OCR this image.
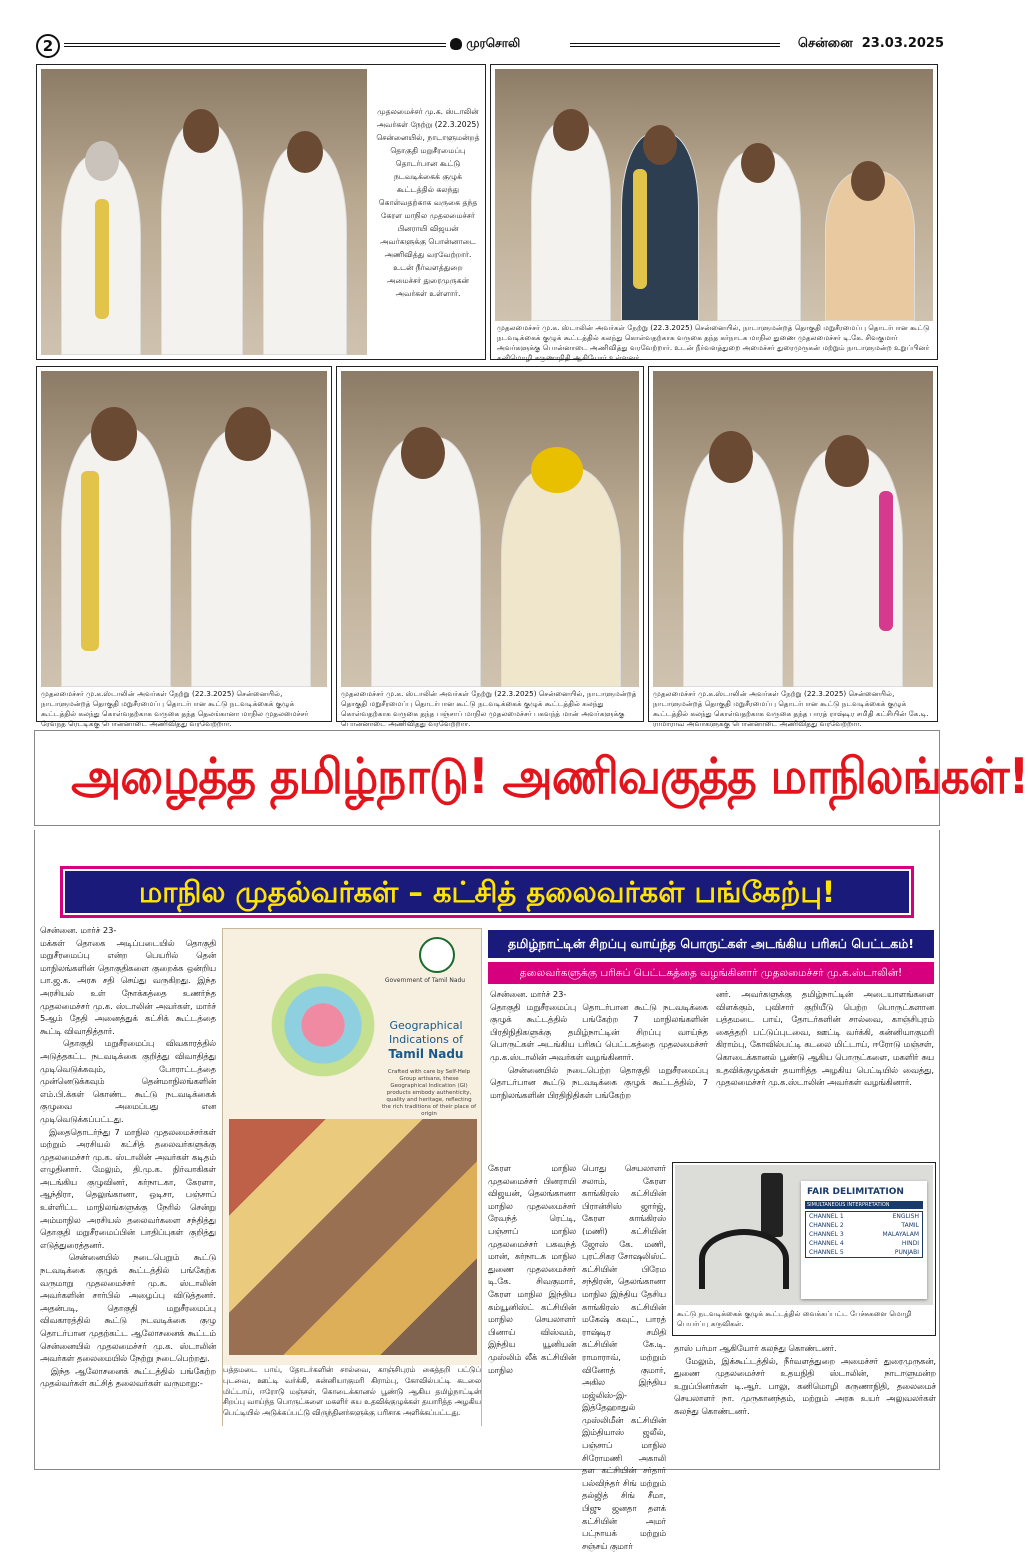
2	முரசொலி	சென்னை  23.03.2025
முதலமைச்சர் மு.க. ஸ்டாலின் அவர்கள் நேற்று (22.3.2025) சென்னையில், நாடாளுமன்றத் தொகுதி மறுசீரமைப்பு தொடர்பான கூட்டு நடவடிக்கைக் குழுக் கூட்டத்தில் கலந்து கொள்வதற்காக வருகை தந்த கேரள மாநில முதலமைச்சர் பினராயி விஜயன் அவர்களுக்கு பொன்னாடை அணிவித்து வரவேற்றார். உடன் நீர்வளத்துறை அமைச்சர் துரைமுருகன் அவர்கள் உள்ளார்.
முதலமைச்சர் மு.க. ஸ்டாலின் அவர்கள் நேற்று (22.3.2025) சென்னையில், நாடாளுமன்றத் தொகுதி மறுசீரமைப்பு தொடர்பான கூட்டு நடவடிக்கைக் குழுக் கூட்டத்தில் கலந்து கொள்வதற்காக வருகை தந்த கர்நாடக மாநில துணை முதலமைச்சர் டி.கே. சிவகுமார் அவர்களுக்கு பொன்னாடை அணிவித்து வரவேற்றார். உடன் நீர்வளத்துறை அமைச்சர் துரைமுருகன் மற்றும் நாடாளுமன்ற உறுப்பினர் கனிமொழி கருணாநிதி ஆகியோர் உள்ளனர்.
முதலமைச்சர் மு.க.ஸ்டாலின் அவர்கள் நேற்று (22.3.2025) சென்னையில், நாடாளுமன்றத் தொகுதி மறுசீரமைப்பு தொடர்பான கூட்டு நடவடிக்கைக் குழுக் கூட்டத்தில் கலந்து கொள்வதற்காக வருகை தந்த தெலங்கானா மாநில முதலமைச்சர் ரேவந்த் ரெட்டிக்கு பொன்னாடை அணிவித்து வரவேற்றார்.
முதலமைச்சர் மு.க. ஸ்டாலின் அவர்கள் நேற்று (22.3.2025) சென்னையில், நாடாளுமன்றத் தொகுதி மறுசீரமைப்பு தொடர்பான கூட்டு நடவடிக்கைக் குழுக் கூட்டத்தில் கலந்து கொள்வதற்காக வருகை தந்த பஞ்சாப் மாநில முதலமைச்சர் பகவந்த் மான் அவர்களுக்கு பொன்னாடை அணிவித்து வரவேற்றார்.
முதலமைச்சர் மு.க.ஸ்டாலின் அவர்கள் நேற்று (22.3.2025) சென்னையில், நாடாளுமன்றத் தொகுதி மறுசீரமைப்பு தொடர்பான கூட்டு நடவடிக்கைக் குழுக் கூட்டத்தில் கலந்து கொள்வதற்காக வருகை தந்த பாரத் ராஷ்டிர சமிதி கட்சியின் கே.டி. ராமாராவ் அவர்களுக்கு பொன்னாடை அணிவித்து வரவேற்றார்.
அழைத்த தமிழ்நாடு! அணிவகுத்த மாநிலங்கள்!
மாநில முதல்வர்கள் – கட்சித் தலைவர்கள் பங்கேற்பு!
சென்னை. மார்ச் 23-
மக்கள் தொகை அடிப்படையில் தொகுதி மறுசீரமைப்பு என்ற பெயரில் தென் மாநிலங்களின் தொகுதிகளை குறைக்க ஒன்றிய பா.ஜ.க. அரசு சதி செய்து வருகிறது. இந்த அரசியல் உள் நோக்கத்தை உணர்ந்த முதலமைச்சர் மு.க. ஸ்டாலின் அவர்கள், மார்ச் 5ஆம் தேதி அனைத்துக் கட்சிக் கூட்டத்தை கூட்டி விவாதித்தார்.
தொகுதி மறுசீரமைப்பு விவகாரத்தில் அடுத்தகட்ட நடவடிக்கை குறித்து விவாதித்து முடிவெடுக்கவும், போராட்டத்தை முன்னெடுக்கவும் தென்மாநிலங்களின் எம்.பி.க்கள் கொண்ட கூட்டு நடவடிக்கைக் குழுவை அமைப்பது என முடிவெடுக்கப்பட்டது.
இதைதொடர்ந்து 7 மாநில முதலமைச்சர்கள் மற்றும் அரசியல் கட்சித் தலைவர்களுக்கு முதலமைச்சர் மு.க. ஸ்டாலின் அவர்கள் கடிதம் எழுதினார். மேலும், தி.மு.க. நிர்வாகிகள் அடங்கிய குழுவினர், கர்நாடகா, கேரளா, ஆந்திரா, தெலுங்கானா, ஒடிசா, பஞ்சாப் உள்ளிட்ட மாநிலங்களுக்கு நேரில் சென்று அம்மாநில அரசியல் தலைவர்களை சந்தித்து தொகுதி மறுசீரமைப்பின் பாதிப்புகள் குறித்து எடுத்துரைத்தனர்.
சென்னையில் நடைபெறும் கூட்டு நடவடிக்கை குழுக் கூட்டத்தில் பங்கேற்க வருமாறு முதலமைச்சர் மு.க. ஸ்டாலின் அவர்களின் சார்பில் அழைப்பு விடுத்தனர். அதன்படி, தொகுதி மறுசீரமைப்பு விவகாரத்தில் கூட்டு நடவடிக்கை குழு தொடர்பான முதற்கட்ட ஆலோசனைக் கூட்டம் சென்னையில் முதலமைச்சர் மு.க. ஸ்டாலின் அவர்கள் தலைமையில் நேற்று நடைபெற்றது.
இந்த ஆலோசனைக் கூட்டத்தில் பங்கேற்ற முதல்வர்கள் கட்சித் தலைவர்கள் வருமாறு:-
Government of Tamil Nadu
Geographical
Indications of
Tamil Nadu
Crafted with care by Self-Help Group artisans, these Geographical Indication (GI) products embody authenticity, quality and heritage, reflecting the rich traditions of their place of origin
பத்தமடை பாய், தோடர்களின் சால்வை, காஞ்சிபுரம் கைத்தறி பட்டுப் புடவை, ஊட்டி வர்க்கி, கன்னியாகுமரி கிராம்பு, கோவில்பட்டி கடலை மிட்டாய், ஈரோடு மஞ்சள், கொடைக்கானல் பூண்டு ஆகிய தமிழ்நாட்டின் சிறப்பு வாய்ந்த பொருட்களை மகளிர் சுய உதவிக்குழுக்கள் தயாரித்த அழகிய பெட்டியில் அடுக்கப்பட்டு விருந்தினர்களுக்கு பரிசாக அளிக்கப்பட்டது.
தமிழ்நாட்டின் சிறப்பு வாய்ந்த பொருட்கள் அடங்கிய பரிசுப் பெட்டகம்!
தலைவர்களுக்கு பரிசுப் பெட்டகத்தை வழங்கினார் முதலமைச்சர் மு.க.ஸ்டாலின்!
சென்னை. மார்ச் 23-
தொகுதி மறுசீரமைப்பு தொடர்பான கூட்டு நடவடிக்கை குழுக் கூட்டத்தில் பங்கேற்ற 7 மாநிலங்களின் பிரதிநிதிகளுக்கு தமிழ்நாட்டின் சிறப்பு வாய்ந்த பொருட்கள் அடங்கிய பரிசுப் பெட்டகத்தை முதலமைச்சர் மு.க.ஸ்டாலின் அவர்கள் வழங்கினார்.
சென்னையில் நடைபெற்ற தொகுதி மறுசீரமைப்பு தொடர்பான கூட்டு நடவடிக்கை குழுக் கூட்டத்தில், 7 மாநிலங்களின் பிரதிநிதிகள் பங்கேற்ற
னர். அவர்களுக்கு தமிழ்நாட்டின் அடையாளங்களை விளக்கும், புவிசார் குறியீடு பெற்ற பொருட்களான பத்தமடை பாய், தோடர்களின் சால்வை, காஞ்சிபுரம் கைத்தறி பட்டுப்புடவை, ஊட்டி வர்க்கி, கன்னியாகுமரி கிராம்பு, கோவில்பட்டி கடலை மிட்டாய், ஈரோடு மஞ்சள், கொடைக்கானல் பூண்டு ஆகிய பொருட்களை, மகளிர் சுய உதவிக்குழுக்கள் தயாரித்த அழகிய பெட்டியில் வைத்து, முதலமைச்சர் மு.க.ஸ்டாலின் அவர்கள் வழங்கினார்.
கேரள மாநில முதலமைச்சர் பினராயி விஜயன், தெலங்கானா மாநில முதலமைச்சர் ரேவந்த் ரெட்டி, பஞ்சாப் மாநில முதலமைச்சர் பகவந்த் மான், கர்நாடக மாநில துணை முதலமைச்சர் டி.கே. சிவகுமார், கேரள மாநில இந்திய கம்யூனிஸ்ட் கட்சியின் மாநில செயலாளர் பினாய் விஸ்வம், இந்திய யூனியன் முஸ்லிம் லீக் கட்சியின் மாநில
பொது செயலாளர் சலாம், கேரள காங்கிரஸ் கட்சியின் பிரான்சிஸ் ஜார்ஜ், கேரள காங்கிரஸ் (மணி) கட்சியின் ஜோஸ் கே. மணி, புரட்சிகர சோஷலிஸ்ட் கட்சியின் பிரேம சந்திரன், தெலங்கானா மாநில இந்திய தேசிய காங்கிரஸ் கட்சியின் மகேஷ் கவுட், பாரத் ராஷ்டிர சமிதி கட்சியின் கே.டி. ராமாராவ், மற்றும் வினோத் குமார், அகில இந்திய மஜ்லிஸ்-இ-இத்தேஹாதுல் முஸ்லிமீன் கட்சியின் இம்தியாஸ் ஜலீல், பஞ்சாப் மாநில சிரோமணி அகாலி தள கட்சியின் சர்தார் பல்விந்தர் சிங் மற்றும் தல்ஜித் சிங் சீமா, பிஜு ஜனதா தளக் கட்சியின் அமர் பட்நாயக் மற்றும் சஞ்சய் குமார்
FAIR DELIMITATION
SIMULTANEOUS INTERPRETATION
CHANNEL 1	ENGLISH
CHANNEL 2	TAMIL
CHANNEL 3	MALAYALAM
CHANNEL 4	HINDI
CHANNEL 5	PUNJABI
கூட்டு நடவடிக்கைக் குழுக் கூட்டத்தில் வைக்கப்பட்ட பேச்சுகளை மொழி பெயர்ப்பு கருவிகள்.
தாஸ் பர்மா ஆகியோர் கலந்து கொண்டனர்.
மேலும், இக்கூட்டத்தில், நீர்வளத்துறை அமைச்சர் துரைமுருகன், துணை முதலமைச்சர் உதயநிதி ஸ்டாலின், நாடாளுமன்ற உறுப்பினர்கள் டி.ஆர். பாலு, கனிமொழி கருணாநிதி, தலைமைச் செயலாளர் நா. முருகானந்தம், மற்றும் அரசு உயர் அலுவலர்கள் கலந்து கொண்டனர்.
